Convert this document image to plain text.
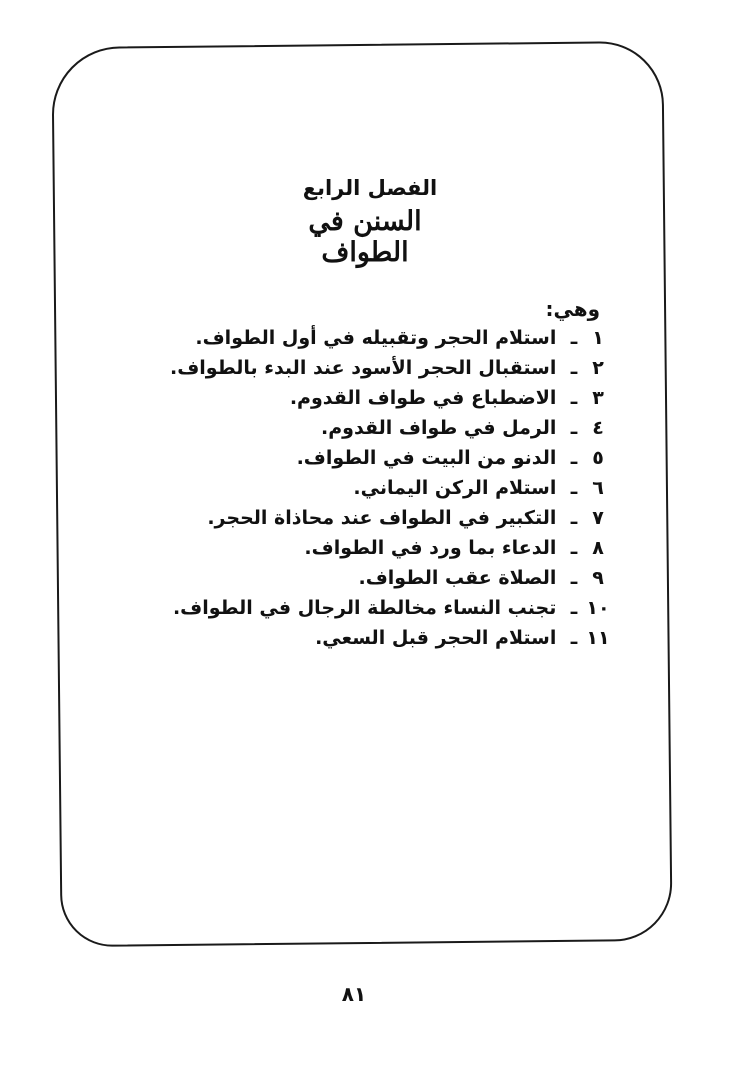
الفصل الرابع
السنن في الطواف
وهي:
١ـ استلام الحجر وتقبيله في أول الطواف.
٢ـ استقبال الحجر الأسود عند البدء بالطواف.
٣ـ الاضطباع في طواف القدوم.
٤ـ الرمل في طواف القدوم.
٥ـ الدنو من البيت في الطواف.
٦ـ استلام الركن اليماني.
٧ـ التكبير في الطواف عند محاذاة الحجر.
٨ـ الدعاء بما ورد في الطواف.
٩ـ الصلاة عقب الطواف.
١٠ـ تجنب النساء مخالطة الرجال في الطواف.
١١ـ استلام الحجر قبل السعي.
٨١
